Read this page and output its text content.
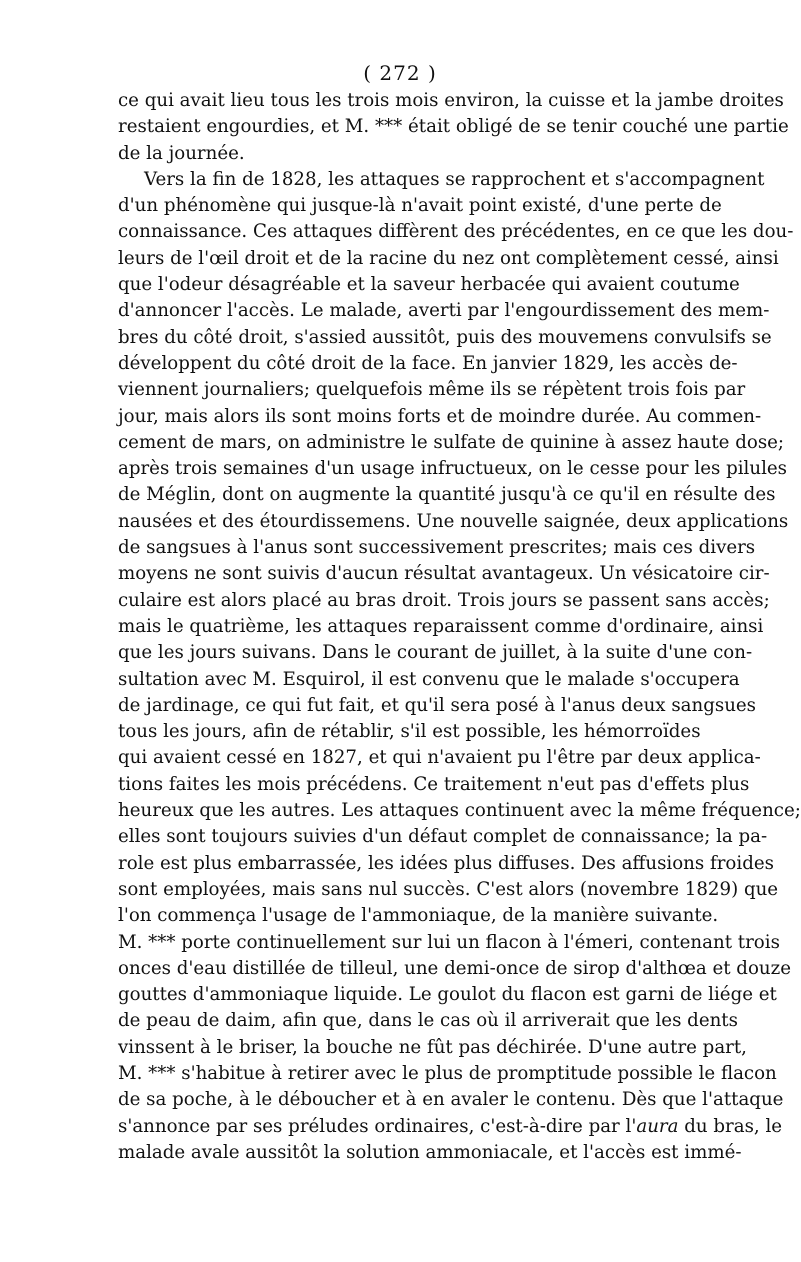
( 272 )
ce qui avait lieu tous les trois mois environ, la cuisse et la jambe droites
restaient engourdies, et M. *** était obligé de se tenir couché une partie
de la journée.
Vers la fin de 1828, les attaques se rapprochent et s'accompagnent
d'un phénomène qui jusque-là n'avait point existé, d'une perte de
connaissance. Ces attaques diffèrent des précédentes, en ce que les dou-
leurs de l'œil droit et de la racine du nez ont complètement cessé, ainsi
que l'odeur désagréable et la saveur herbacée qui avaient coutume
d'annoncer l'accès. Le malade, averti par l'engourdissement des mem-
bres du côté droit, s'assied aussitôt, puis des mouvemens convulsifs se
développent du côté droit de la face. En janvier 1829, les accès de-
viennent journaliers; quelquefois même ils se répètent trois fois par
jour, mais alors ils sont moins forts et de moindre durée. Au commen-
cement de mars, on administre le sulfate de quinine à assez haute dose;
après trois semaines d'un usage infructueux, on le cesse pour les pilules
de Méglin, dont on augmente la quantité jusqu'à ce qu'il en résulte des
nausées et des étourdissemens. Une nouvelle saignée, deux applications
de sangsues à l'anus sont successivement prescrites; mais ces divers
moyens ne sont suivis d'aucun résultat avantageux. Un vésicatoire cir-
culaire est alors placé au bras droit. Trois jours se passent sans accès;
mais le quatrième, les attaques reparaissent comme d'ordinaire, ainsi
que les jours suivans. Dans le courant de juillet, à la suite d'une con-
sultation avec M. Esquirol, il est convenu que le malade s'occupera
de jardinage, ce qui fut fait, et qu'il sera posé à l'anus deux sangsues
tous les jours, afin de rétablir, s'il est possible, les hémorroïdes
qui avaient cessé en 1827, et qui n'avaient pu l'être par deux applica-
tions faites les mois précédens. Ce traitement n'eut pas d'effets plus
heureux que les autres. Les attaques continuent avec la même fréquence;
elles sont toujours suivies d'un défaut complet de connaissance; la pa-
role est plus embarrassée, les idées plus diffuses. Des affusions froides
sont employées, mais sans nul succès. C'est alors (novembre 1829) que
l'on commença l'usage de l'ammoniaque, de la manière suivante.
M. *** porte continuellement sur lui un flacon à l'émeri, contenant trois
onces d'eau distillée de tilleul, une demi-once de sirop d'althœa et douze
gouttes d'ammoniaque liquide. Le goulot du flacon est garni de liége et
de peau de daim, afin que, dans le cas où il arriverait que les dents
vinssent à le briser, la bouche ne fût pas déchirée. D'une autre part,
M. *** s'habitue à retirer avec le plus de promptitude possible le flacon
de sa poche, à le déboucher et à en avaler le contenu. Dès que l'attaque
s'annonce par ses préludes ordinaires, c'est-à-dire par l'aura du bras, le
malade avale aussitôt la solution ammoniacale, et l'accès est immé-
